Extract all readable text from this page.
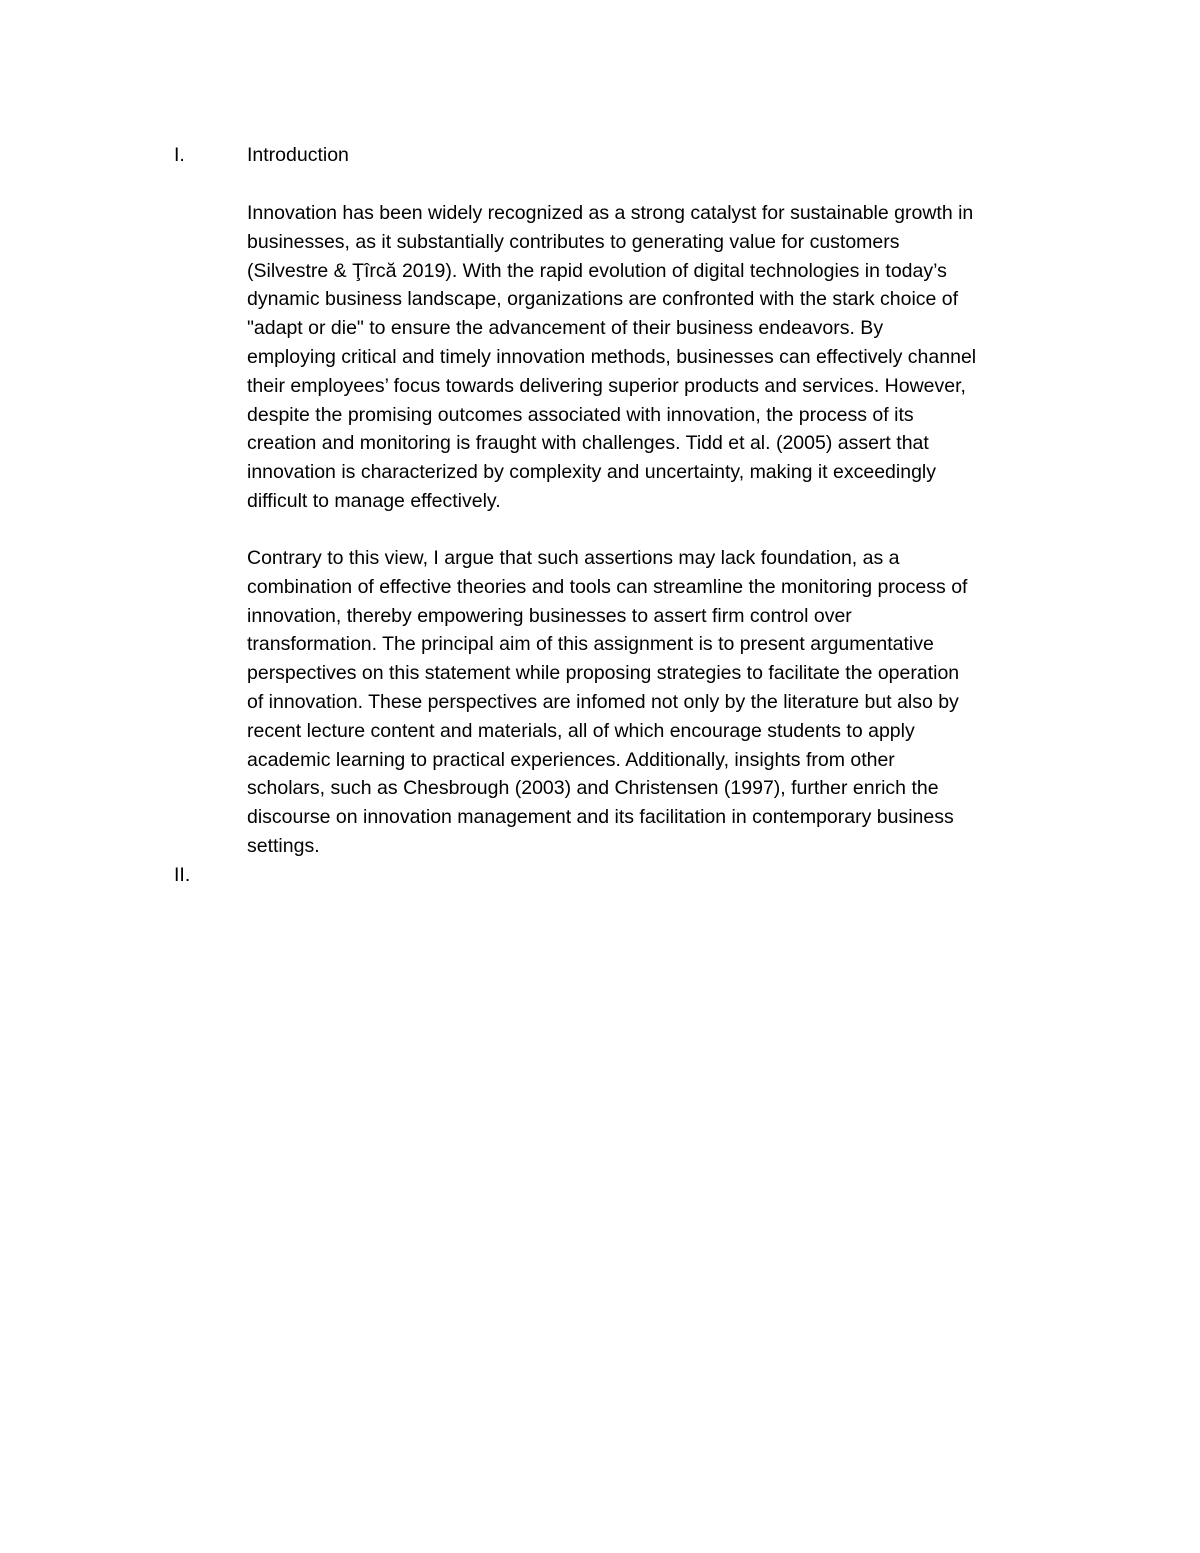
I.	Introduction
Innovation has been widely recognized as a strong catalyst for sustainable growth in
businesses, as it substantially contributes to generating value for customers
(Silvestre & Ţîrcă 2019). With the rapid evolution of digital technologies in today’s
dynamic business landscape, organizations are confronted with the stark choice of
"adapt or die" to ensure the advancement of their business endeavors. By
employing critical and timely innovation methods, businesses can effectively channel
their employees’ focus towards delivering superior products and services. However,
despite the promising outcomes associated with innovation, the process of its
creation and monitoring is fraught with challenges. Tidd et al. (2005) assert that
innovation is characterized by complexity and uncertainty, making it exceedingly
difficult to manage effectively.
Contrary to this view, I argue that such assertions may lack foundation, as a
combination of effective theories and tools can streamline the monitoring process of
innovation, thereby empowering businesses to assert firm control over
transformation. The principal aim of this assignment is to present argumentative
perspectives on this statement while proposing strategies to facilitate the operation
of innovation. These perspectives are infomed not only by the literature but also by
recent lecture content and materials, all of which encourage students to apply
academic learning to practical experiences. Additionally, insights from other
scholars, such as Chesbrough (2003) and Christensen (1997), further enrich the
discourse on innovation management and its facilitation in contemporary business
settings.
II.
